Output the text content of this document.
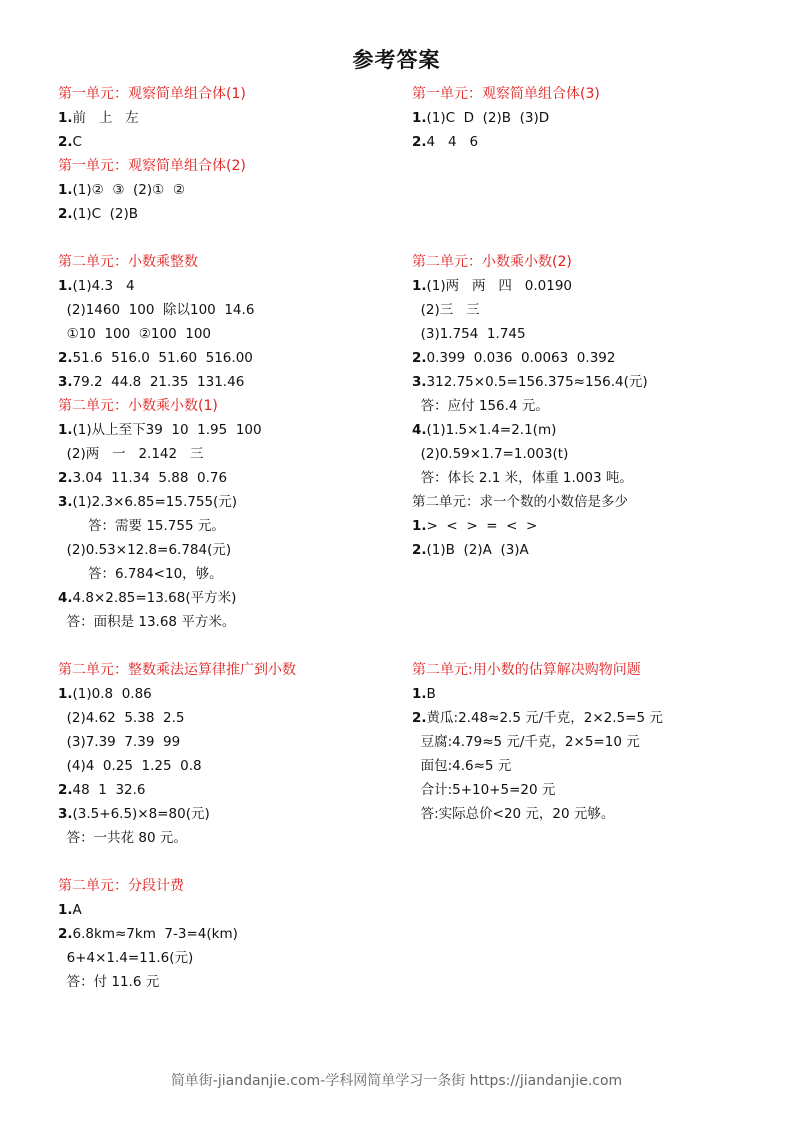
参考答案
第一单元：观察简单组合体(1)
1.前   上   左
2.C
第一单元：观察简单组合体(2)
1.(1)②  ③  (2)①  ②
2.(1)C  (2)B
第二单元：小数乘整数
1.(1)4.3   4
(2)1460  100  除以100  14.6
①10  100  ②100  100
2.51.6  516.0  51.60  516.00
3.79.2  44.8  21.35  131.46
第二单元：小数乘小数(1)
1.(1)从上至下39  10  1.95  100
(2)两   一   2.142   三
2.3.04  11.34  5.88  0.76
3.(1)2.3×6.85=15.755(元)
答：需要 15.755 元。
(2)0.53×12.8=6.784(元)
答：6.784<10，够。
4.4.8×2.85=13.68(平方米)
答：面积是 13.68 平方米。
第二单元：整数乘法运算律推广到小数
1.(1)0.8  0.86
(2)4.62  5.38  2.5
(3)7.39  7.39  99
(4)4  0.25  1.25  0.8
2.48  1  32.6
3.(3.5+6.5)×8=80(元)
答：一共花 80 元。
第二单元：分段计费
1.A
2.6.8km≈7km  7-3=4(km)
6+4×1.4=11.6(元)
答：付 11.6 元
第一单元：观察简单组合体(3)
1.(1)C  D  (2)B  (3)D
2.4   4   6
第二单元：小数乘小数(2)
1.(1)两   两   四   0.0190
(2)三   三
(3)1.754  1.745
2.0.399  0.036  0.0063  0.392
3.312.75×0.5=156.375≈156.4(元)
答：应付 156.4 元。
4.(1)1.5×1.4=2.1(m)
(2)0.59×1.7=1.003(t)
答：体长 2.1 米，体重 1.003 吨。
第二单元：求一个数的小数倍是多少
1.>  <  >  =  <  >
2.(1)B  (2)A  (3)A
第二单元:用小数的估算解决购物问题
1.B
2.黄瓜:2.48≈2.5 元/千克，2×2.5=5 元
豆腐:4.79≈5 元/千克，2×5=10 元
面包:4.6≈5 元
合计:5+10+5=20 元
答:实际总价<20 元，20 元够。
简单街-jiandanjie.com-学科网简单学习一条街 https://jiandanjie.com
